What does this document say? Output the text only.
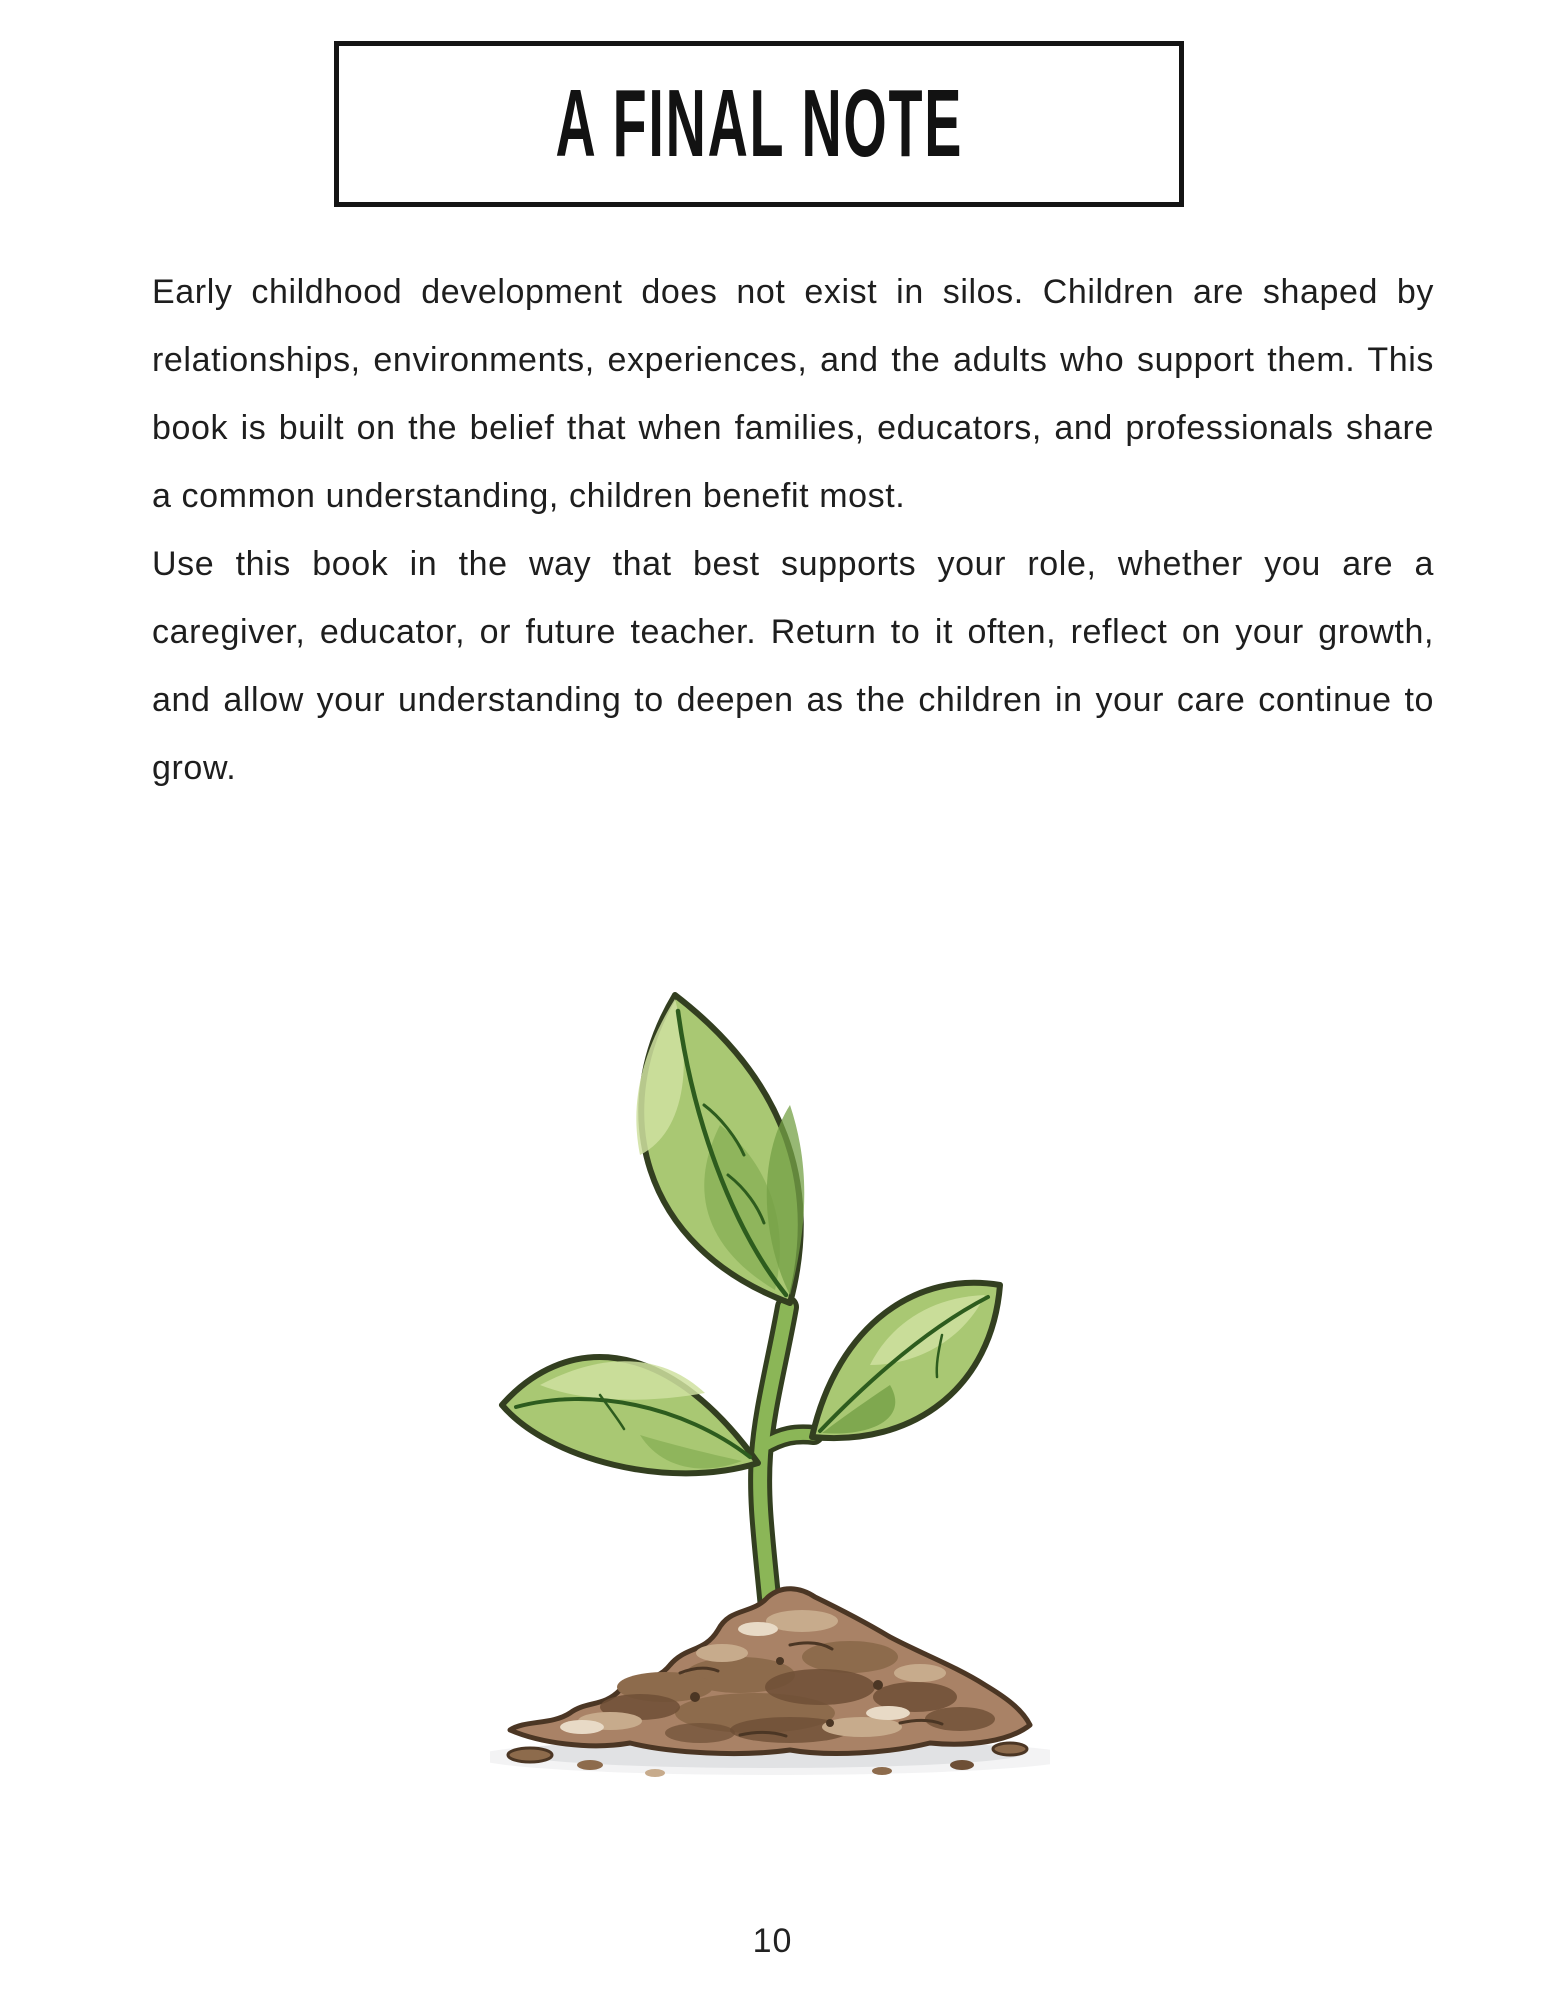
A FINAL NOTE

Early childhood development does not exist in silos. Children are shaped by relationships, environments, experiences, and the adults who support them. This book is built on the belief that when families, educators, and professionals share a common understanding, children benefit most.

Use this book in the way that best supports your role, whether you are a caregiver, educator, or future teacher. Return to it often, reflect on your growth, and allow your understanding to deepen as the children in your care continue to grow.

10
